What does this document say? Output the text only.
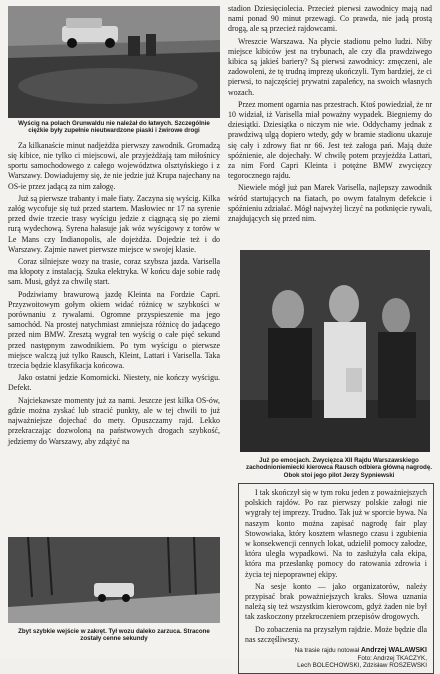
Wyścig na polach Grunwaldu nie należał do łatwych. Szczególnie ciężkie były zupełnie nieutwardzone piaski i żwirowe drogi

Za kilkanaście minut nadjeżdża pierwszy zawodnik. Gromadzą się kibice, nie tylko ci miejscowi, ale przyjeżdżają tam miłośnicy sportu samochodowego z całego województwa olsztyńskiego i z Warszawy. Dowiadujemy się, że nie jedzie już Krupa najechany na OS-ie przez jadącą za nim załogę.

Już są pierwsze trabanty i małe fiaty. Zaczyna się wyścig. Kilka załóg wycofuje się tuż przed startem. Masłowiec nr 17 na syrenie przed dwie trzecie trasy wyścigu jedzie z ciągnącą się po ziemi rurą wydechową. Syrena hałasuje jak wóz wyścigowy z torów w Le Mans czy Indianopolis, ale dojeżdża. Dojedzie też i do Warszawy. Zajmie nawet pierwsze miejsce w swojej klasie.

Coraz silniejsze wozy na trasie, coraz szybsza jazda. Varisella ma kłopoty z instalacją. Szuka elektryka. W końcu daje sobie radę sam. Musi, gdyż za chwilę start.

Podziwiamy brawurową jazdę Kleinta na Fordzie Capri. Przyzwoitowym gołym okiem widać różnicę w szybkości w porównaniu z rywalami. Ogromne przyspieszenie ma jego samochód. Na prostej natychmiast zmniejsza różnicę do jadącego przed nim BMW. Zresztą wygrał ten wyścig o całe pięć sekund przed następnym zawodnikiem. Po tym wyścigu o pierwsze miejsce walczą już tylko Rausch, Kleint, Lattari i Varisella. Taka trzecia będzie klasyfikacja końcowa.

Jako ostatni jedzie Komornicki. Niestety, nie kończy wyścigu. Defekt.

Najciekawsze momenty już za nami. Jeszcze jest kilka OS-ów, gdzie można zyskać lub stracić punkty, ale w tej chwili to już najważniejsze dojechać do mety. Opuszczamy rajd. Lekko przekraczając dozwoloną na państwowych drogach szybkość, jedziemy do Warszawy, aby zdążyć na

Zbyt szybkie wejście w zakręt. Tył wozu daleko zarzuca. Stracone zostały cenne sekundy

stadion Dziesięciolecia. Przecież pierwsi zawodnicy mają nad nami ponad 90 minut przewagi. Co prawda, nie jadą prostą drogą, ale są przecież rajdowcami.

Wreszcie Warszawa. Na płycie stadionu pełno ludzi. Niby miejsce kibiców jest na trybunach, ale czy dla prawdziwego kibica są jakieś bariery? Są pierwsi zawodnicy: zmęczeni, ale zadowoleni, że tę trudną imprezę ukończyli. Tym bardziej, że ci pierwsi, to najczęściej prywatni zapaleńcy, na swoich własnych wozach.

Przez moment ogarnia nas przestrach. Ktoś powiedział, że nr 10 widział, iż Varisella miał poważny wypadek. Biegniemy do dziesiątki. Dziesiątka o niczym nie wie. Oddychamy jednak z prawdziwą ulgą dopiero wtedy, gdy w bramie stadionu ukazuje się cały i zdrowy fiat nr 66. Jest też załoga pań. Mają duże spóźnienie, ale dojechały. W chwilę potem przyjeżdża Lattari, za nim Ford Capri Kleinta i potężne BMW zwycięzcy tegorocznego rajdu.

Niewiele mógł już pan Marek Varisella, najlepszy zawodnik wśród startujących na fiatach, po owym fatalnym defekcie i spóźnieniu zdziałać. Mógł najwyżej liczyć na potknięcie rywali, znajdujących się przed nim.

Już po emocjach. Zwycięzca XII Rajdu Warszawskiego zachodnioniemiecki kierowca Rausch odbiera główną nagrodę. Obok stoi jego pilot Jerzy Sypniewski

I tak skończył się w tym roku jeden z poważniejszych polskich rajdów. Po raz pierwszy polskie załogi nie wygrały tej imprezy. Trudno. Tak już w sporcie bywa. Na naszym konto można zapisać nagrodę fair play Stowowiaka, który kosztem własnego czasu i zgubienia w konsekwencji cennych lokat, udzielił pomocy załodze, która uległa wypadkowi. Na to zasłużyła cała ekipa, która ma przesłankę pomocy do ratowania zdrowia i życia tej niepoprawnej ekipy.

Na sesje konto — jako organizatorów, należy przypisać brak poważniejszych kraks. Słowa uznania należą się też wszystkim kierowcom, gdyż żaden nie był tak zaskoczony przekroczeniem przepisów drogowych.

Do zobaczenia na przyszłym rajdzie. Może będzie dla nas szczęśliwszy.

Na trasie rajdu notował Andrzej WALAWSKI
Foto: Andrzej TKACZYK,
Lech BOLECHOWSKI, Zdzisław ROSZEWSKI
